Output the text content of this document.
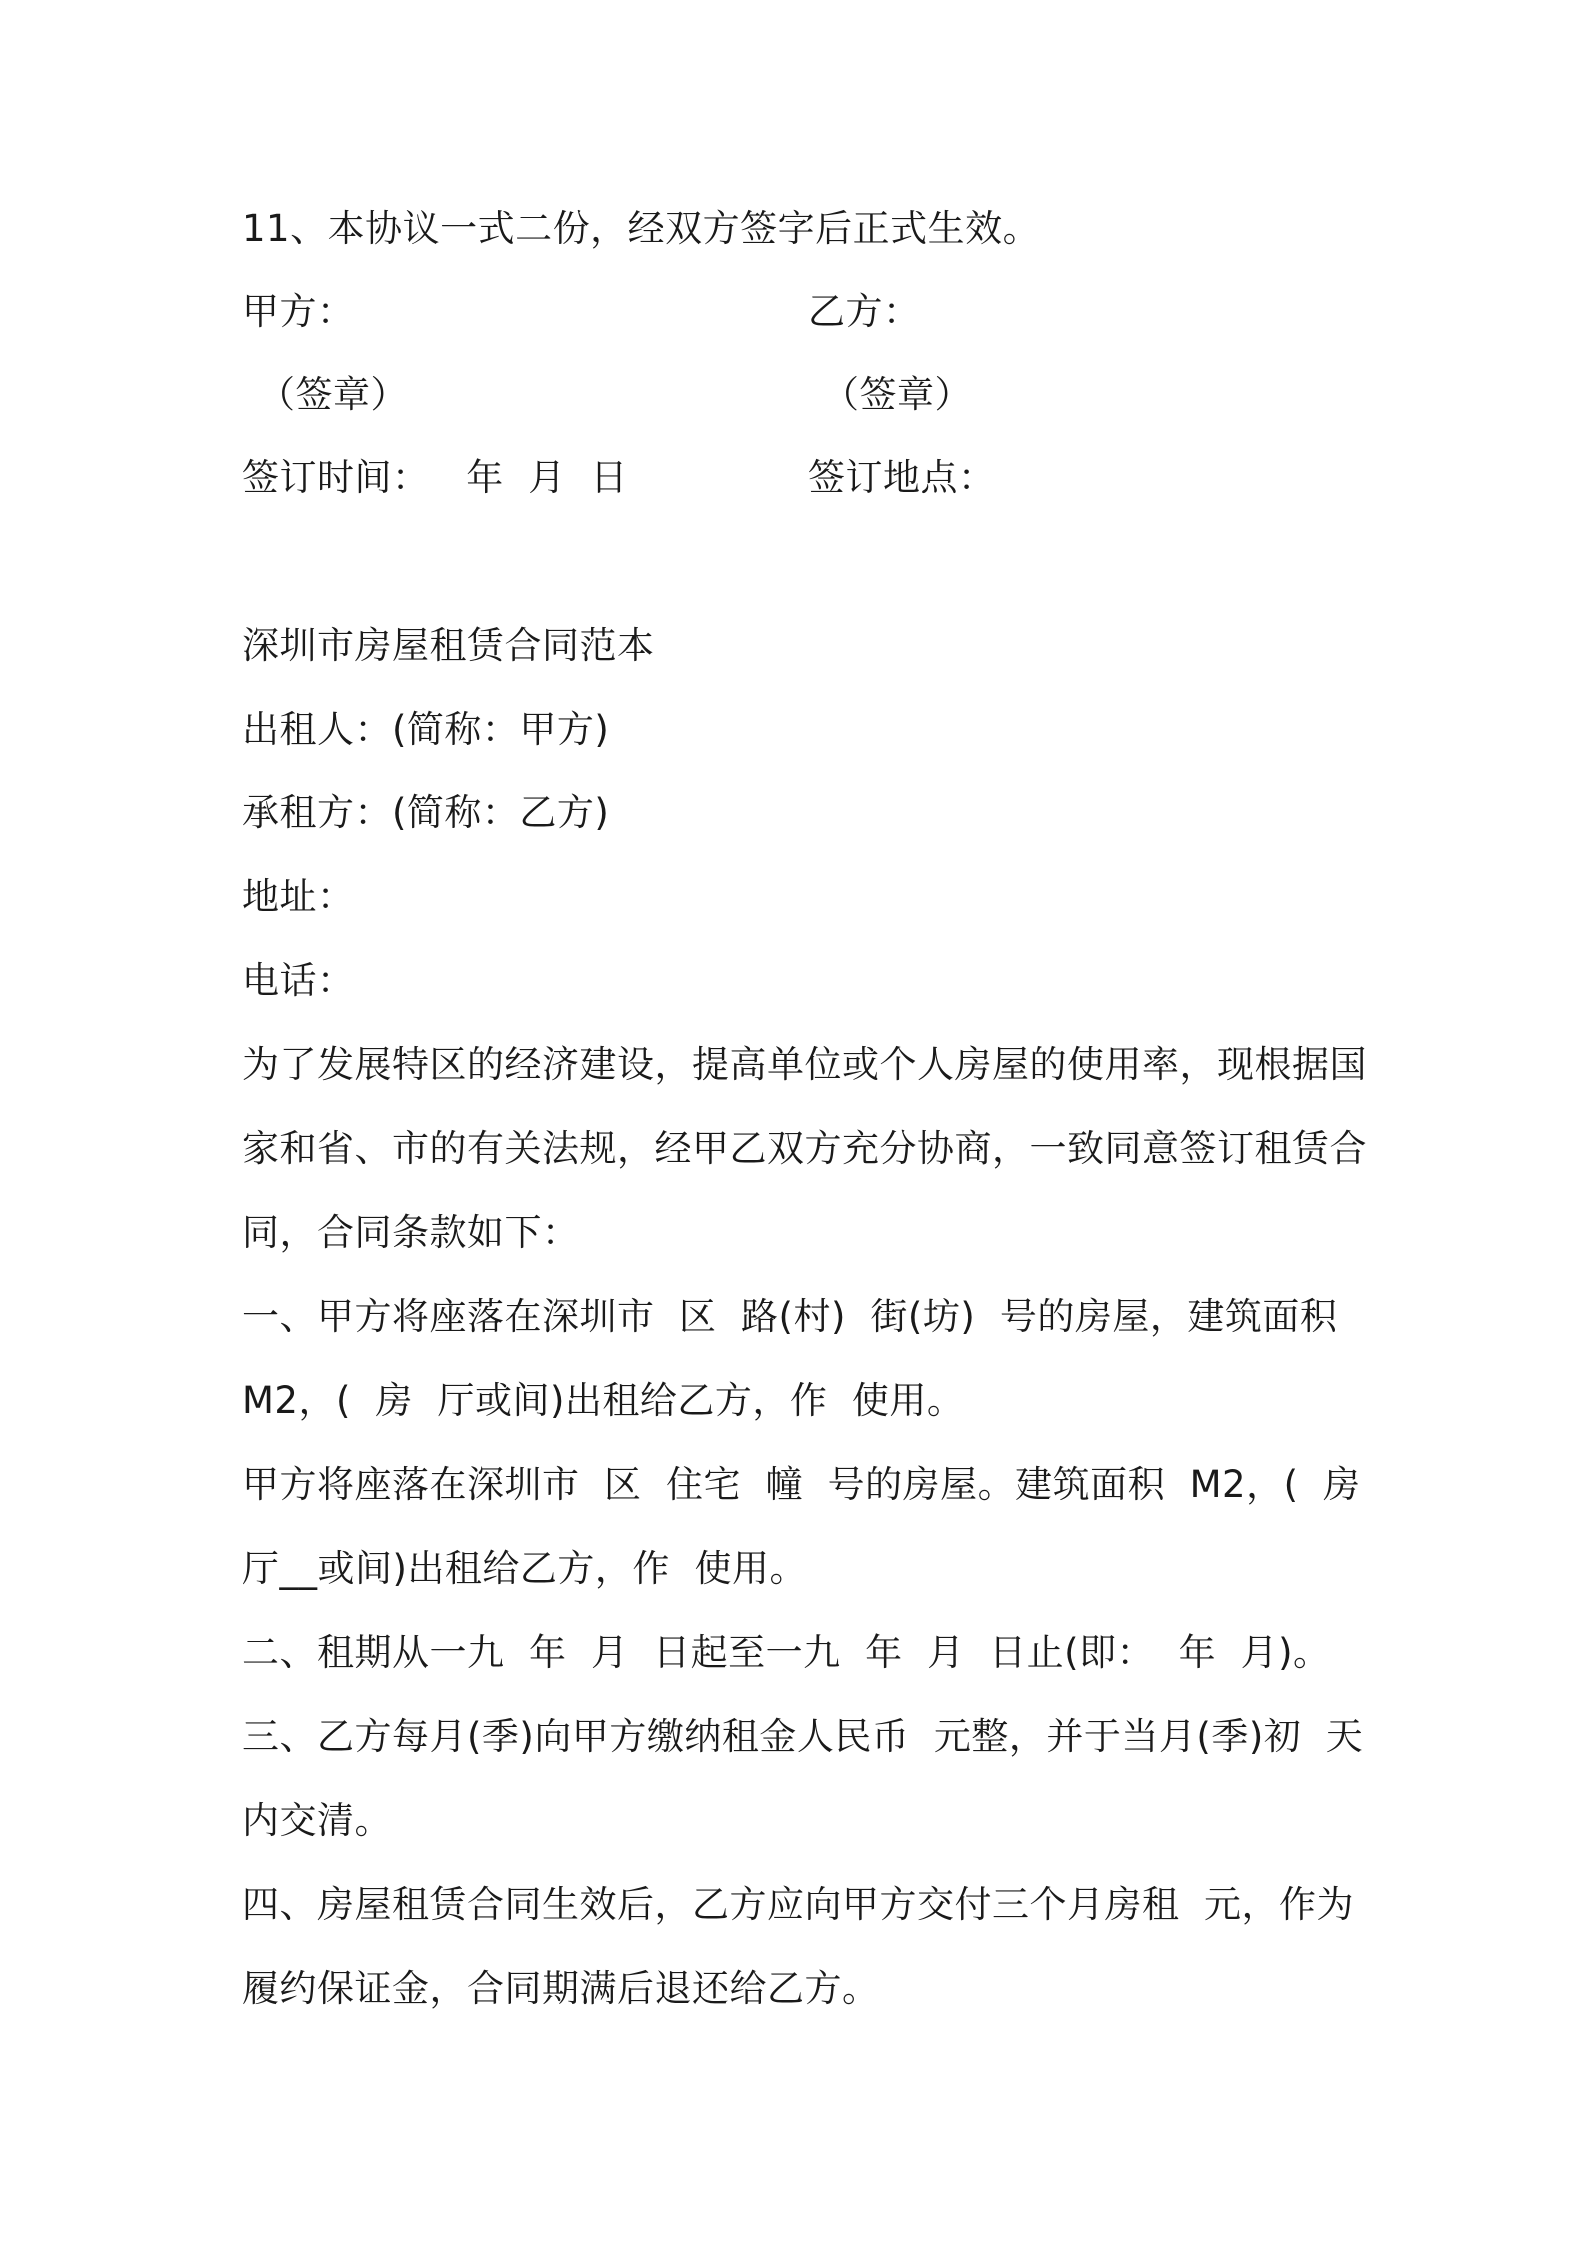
11、本协议一式二份，经双方签字后正式生效。
甲方：	乙方：
（签章）	（签章）
签订时间：   年  月  日	签订地点：
深圳市房屋租赁合同范本
出租人：(简称：甲方)
承租方：(简称：乙方)
地址：
电话：
为了发展特区的经济建设，提高单位或个人房屋的使用率，现根据国
家和省、市的有关法规，经甲乙双方充分协商，一致同意签订租赁合
同，合同条款如下：
一、甲方将座落在深圳市  区  路(村)  街(坊)  号的房屋，建筑面积
M2，(  房  厅或间)出租给乙方，作  使用。
甲方将座落在深圳市  区  住宅  幢  号的房屋。建筑面积  M2，(  房
厅__或间)出租给乙方，作  使用。
二、租期从一九  年  月  日起至一九  年  月  日止(即：  年  月)。
三、乙方每月(季)向甲方缴纳租金人民币  元整，并于当月(季)初  天
内交清。
四、房屋租赁合同生效后，乙方应向甲方交付三个月房租  元，作为
履约保证金，合同期满后退还给乙方。
